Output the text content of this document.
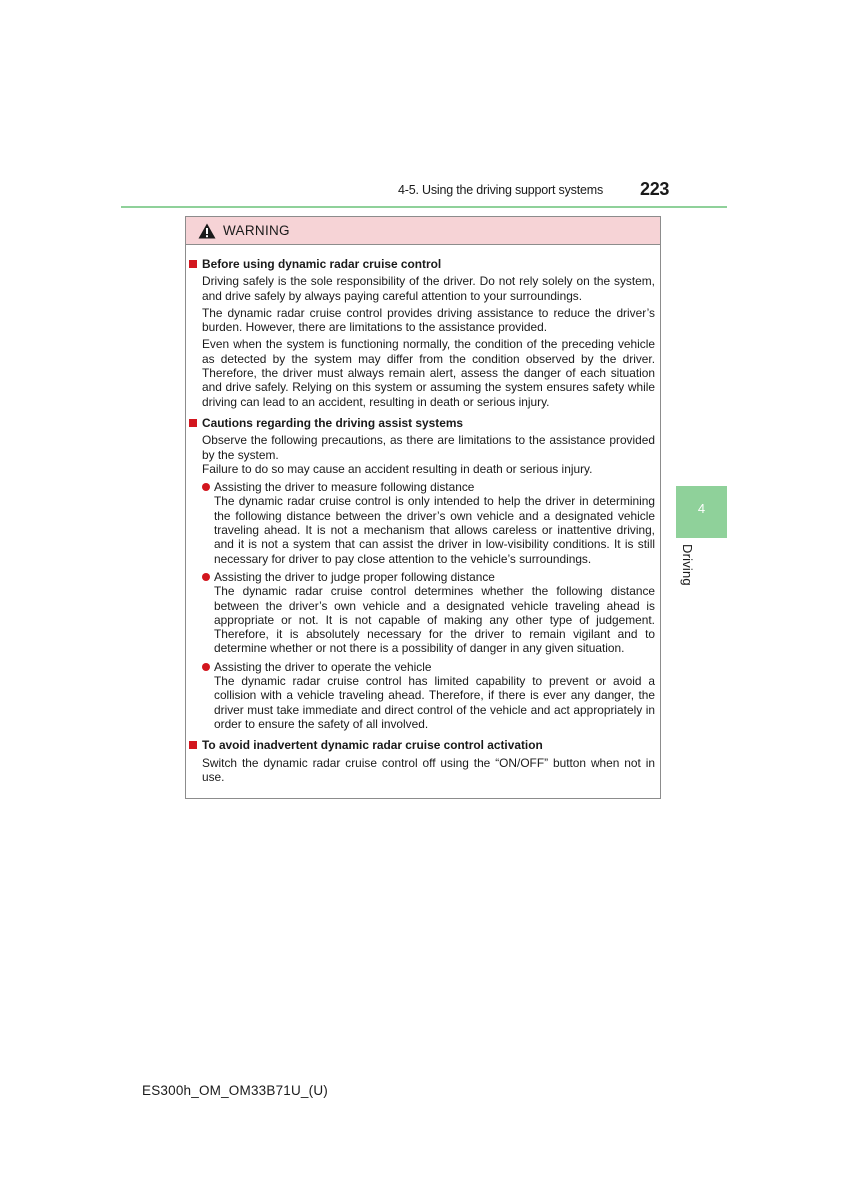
4-5. Using the driving support systems 223
4
Driving
WARNING
Before using dynamic radar cruise control
Driving safely is the sole responsibility of the driver. Do not rely solely on the system, and drive safely by always paying careful attention to your surroundings.
The dynamic radar cruise control provides driving assistance to reduce the driver’s burden. However, there are limitations to the assistance provided.
Even when the system is functioning normally, the condition of the preceding vehicle as detected by the system may differ from the condition observed by the driver. Therefore, the driver must always remain alert, assess the danger of each situation and drive safely. Relying on this system or assuming the system ensures safety while driving can lead to an accident, resulting in death or serious injury.
Cautions regarding the driving assist systems
Observe the following precautions, as there are limitations to the assistance provided by the system.
Failure to do so may cause an accident resulting in death or serious injury.
Assisting the driver to measure following distance
The dynamic radar cruise control is only intended to help the driver in determining the following distance between the driver’s own vehicle and a designated vehicle traveling ahead. It is not a mechanism that allows careless or inattentive driving, and it is not a system that can assist the driver in low-visibility conditions. It is still necessary for driver to pay close attention to the vehicle’s surroundings.
Assisting the driver to judge proper following distance
The dynamic radar cruise control determines whether the following distance between the driver’s own vehicle and a designated vehicle traveling ahead is appropriate or not. It is not capable of making any other type of judgement. Therefore, it is absolutely necessary for the driver to remain vigilant and to determine whether or not there is a possibility of danger in any given situation.
Assisting the driver to operate the vehicle
The dynamic radar cruise control has limited capability to prevent or avoid a collision with a vehicle traveling ahead. Therefore, if there is ever any danger, the driver must take immediate and direct control of the vehicle and act appropriately in order to ensure the safety of all involved.
To avoid inadvertent dynamic radar cruise control activation
Switch the dynamic radar cruise control off using the “ON/OFF” button when not in use.
ES300h_OM_OM33B71U_(U)
